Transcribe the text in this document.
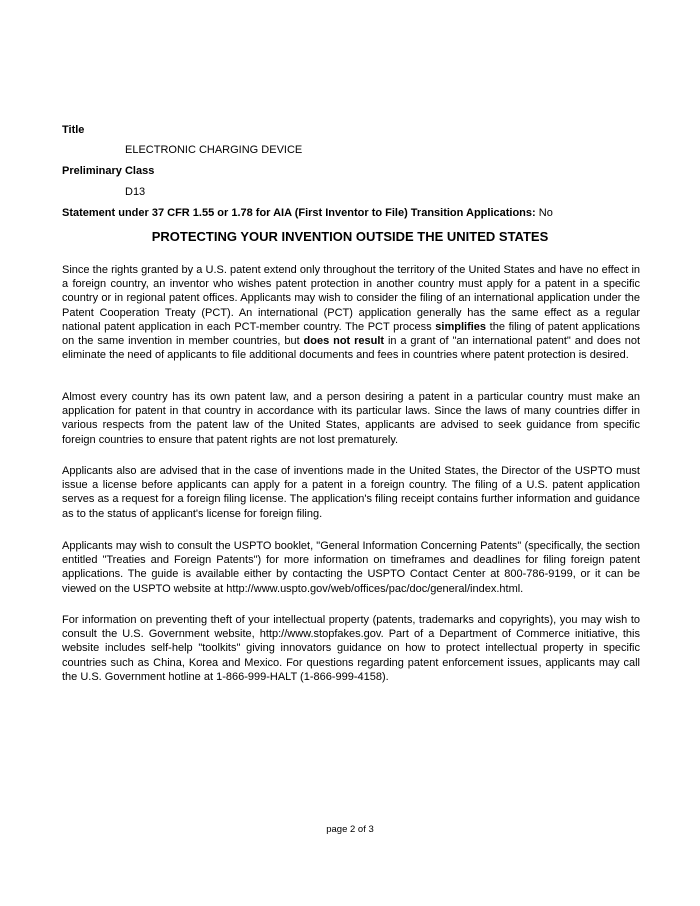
Title
ELECTRONIC CHARGING DEVICE
Preliminary Class
D13
Statement under 37 CFR 1.55 or 1.78 for AIA (First Inventor to File) Transition Applications: No
PROTECTING YOUR INVENTION OUTSIDE THE UNITED STATES
Since the rights granted by a U.S. patent extend only throughout the territory of the United States and have no effect in a foreign country, an inventor who wishes patent protection in another country must apply for a patent in a specific country or in regional patent offices. Applicants may wish to consider the filing of an international application under the Patent Cooperation Treaty (PCT). An international (PCT) application generally has the same effect as a regular national patent application in each PCT-member country. The PCT process simplifies the filing of patent applications on the same invention in member countries, but does not result in a grant of "an international patent" and does not eliminate the need of applicants to file additional documents and fees in countries where patent protection is desired.
Almost every country has its own patent law, and a person desiring a patent in a particular country must make an application for patent in that country in accordance with its particular laws. Since the laws of many countries differ in various respects from the patent law of the United States, applicants are advised to seek guidance from specific foreign countries to ensure that patent rights are not lost prematurely.
Applicants also are advised that in the case of inventions made in the United States, the Director of the USPTO must issue a license before applicants can apply for a patent in a foreign country. The filing of a U.S. patent application serves as a request for a foreign filing license. The application's filing receipt contains further information and guidance as to the status of applicant's license for foreign filing.
Applicants may wish to consult the USPTO booklet, "General Information Concerning Patents" (specifically, the section entitled "Treaties and Foreign Patents") for more information on timeframes and deadlines for filing foreign patent applications. The guide is available either by contacting the USPTO Contact Center at 800-786-9199, or it can be viewed on the USPTO website at http://www.uspto.gov/web/offices/pac/doc/general/index.html.
For information on preventing theft of your intellectual property (patents, trademarks and copyrights), you may wish to consult the U.S. Government website, http://www.stopfakes.gov. Part of a Department of Commerce initiative, this website includes self-help "toolkits" giving innovators guidance on how to protect intellectual property in specific countries such as China, Korea and Mexico. For questions regarding patent enforcement issues, applicants may call the U.S. Government hotline at 1-866-999-HALT (1-866-999-4158).
page 2 of 3
